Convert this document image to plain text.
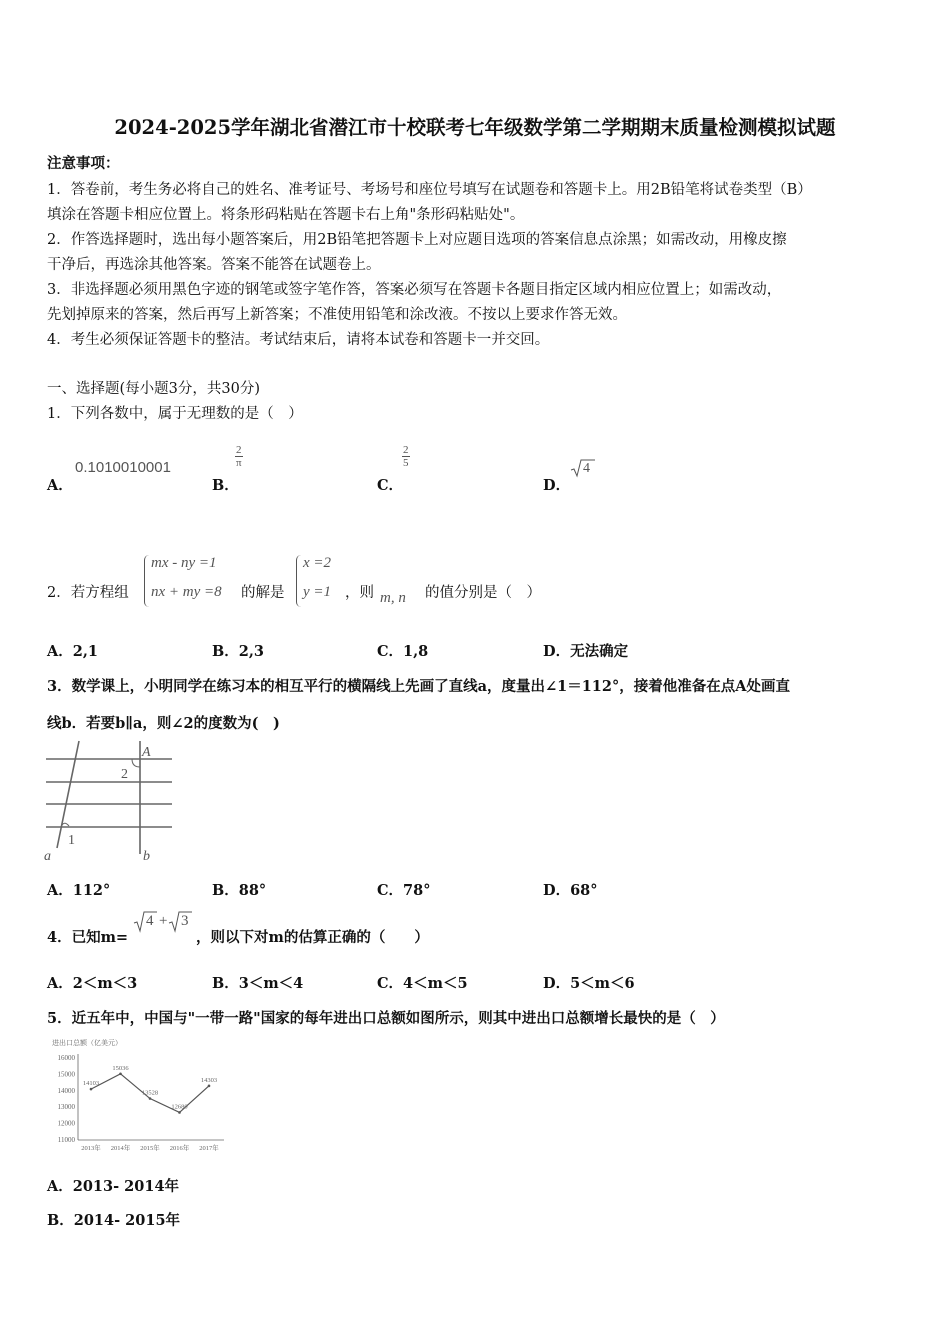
2024-2025学年湖北省潜江市十校联考七年级数学第二学期期末质量检测模拟试题
注意事项：
1．答卷前，考生务必将自己的姓名、准考证号、考场号和座位号填写在试题卷和答题卡上。用2B铅笔将试卷类型（B）
填涂在答题卡相应位置上。将条形码粘贴在答题卡右上角"条形码粘贴处"。
2．作答选择题时，选出每小题答案后，用2B铅笔把答题卡上对应题目选项的答案信息点涂黑；如需改动，用橡皮擦
干净后，再选涂其他答案。答案不能答在试题卷上。
3．非选择题必须用黑色字迹的钢笔或签字笔作答，答案必须写在答题卡各题目指定区域内相应位置上；如需改动，
先划掉原来的答案，然后再写上新答案；不准使用铅笔和涂改液。不按以上要求作答无效。
4．考生必须保证答题卡的整洁。考试结束后，请将本试卷和答题卡一并交回。
一、选择题(每小题3分，共30分)
1．下列各数中，属于无理数的是（　）
A．
0.1010010001
B．
$\frac{2}{\pi}$
C．
$\frac{2}{5}$
D．
4
2．若方程组
mx - ny =1
nx + my =8 的解是
x =2
y =1 ，则 m, n 的值分别是（　）
A．2,1	B．2,3	C．1,8	D．无法确定
3．数学课上，小明同学在练习本的相互平行的横隔线上先画了直线a，度量出∠1＝112°，接着他准备在点A处画直
线b．若要b∥a，则∠2的度数为(　)
A
2
1
a	b
A．112°	B．88°	C．78°	D．68°
4．已知m=
4 + 3
，则以下对m的估算正确的（　　）
A．2＜m＜3	B．3＜m＜4	C．4＜m＜5	D．5＜m＜6
5．近五年中，中国与"一带一路"国家的每年进出口总额如图所示，则其中进出口总额增长最快的是（　）
进出口总额（亿美元）
11000
12000
13000
14000
15000
16000
2013年 2014年 2015年 2016年 2017年
14103
15036
13528
12680
14303
A．2013- 2014年
B．2014- 2015年
